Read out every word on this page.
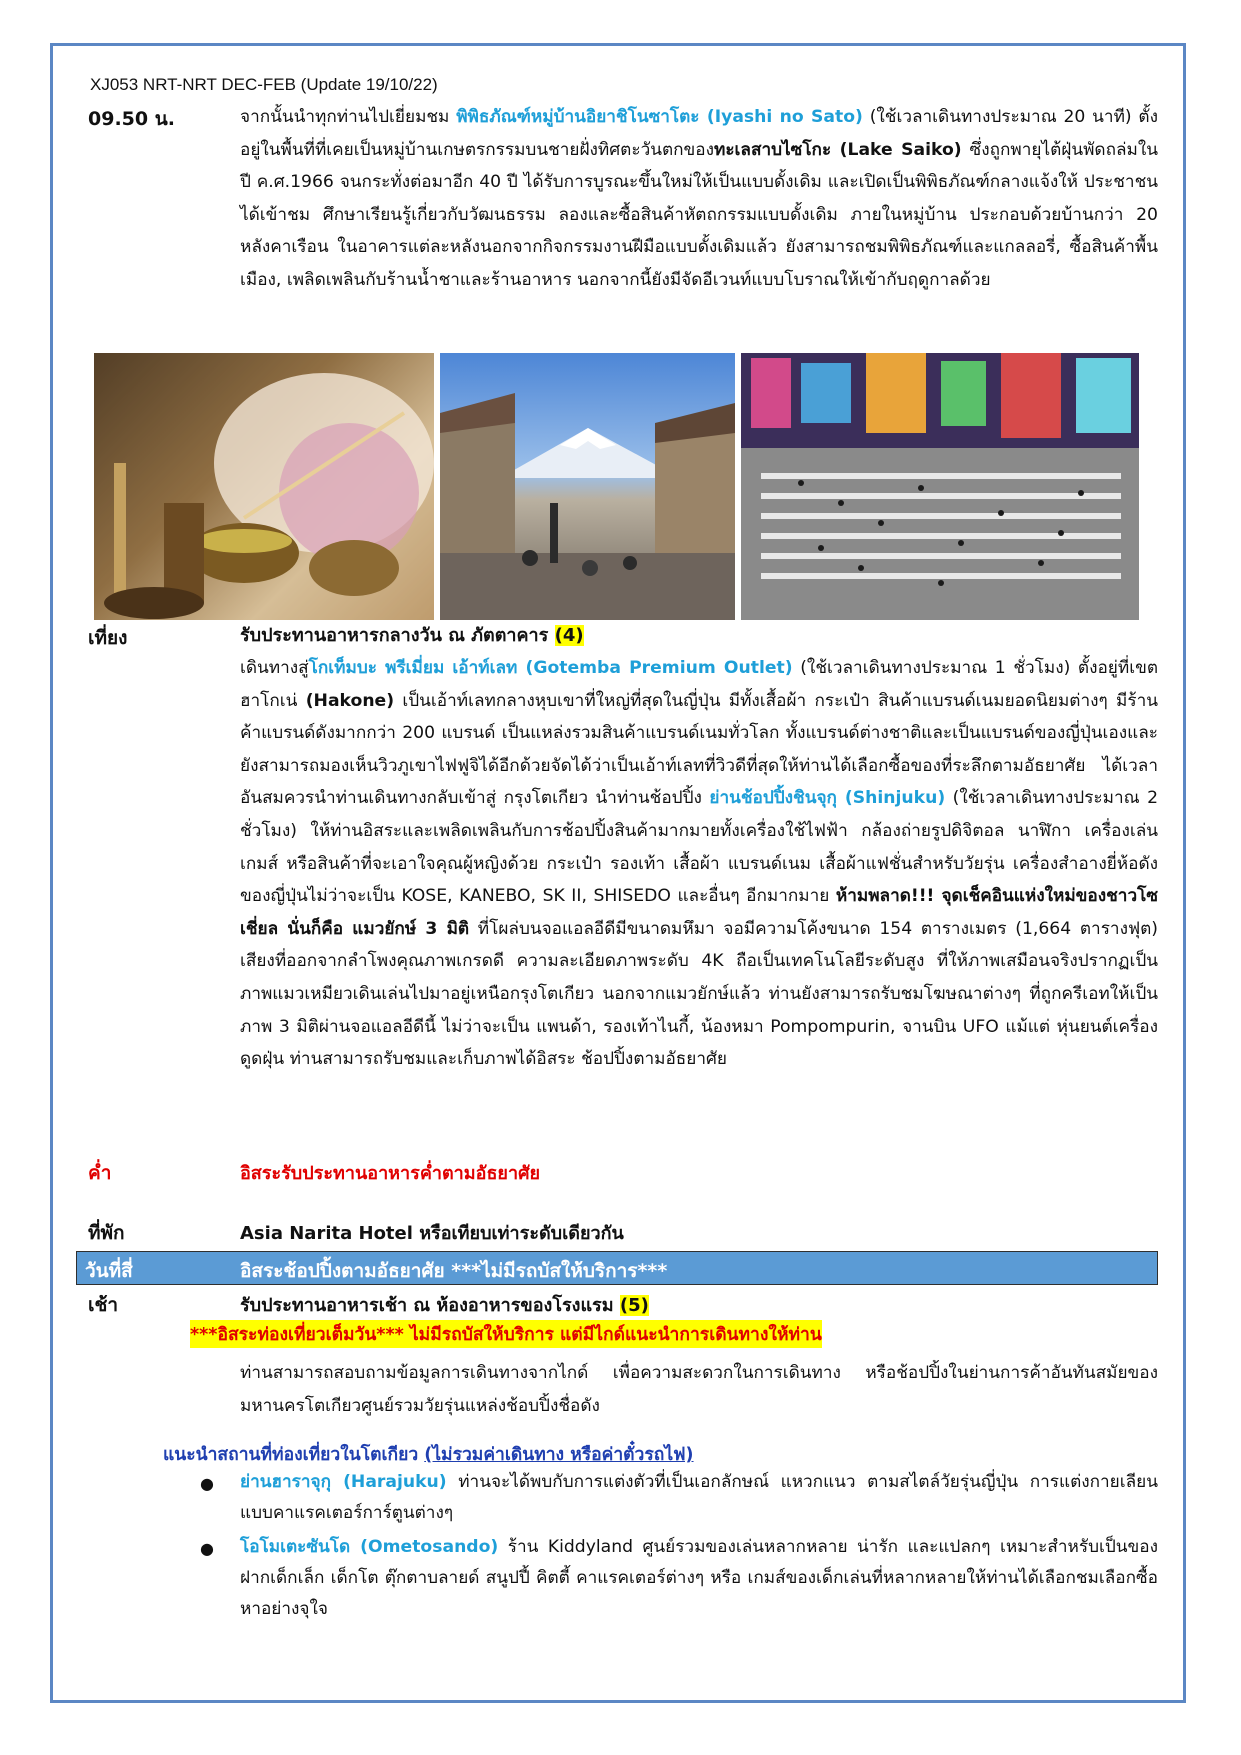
XJ053 NRT-NRT DEC-FEB (Update 19/10/22)
09.50 น.	จากนั้นนำทุกท่านไปเยี่ยมชม พิพิธภัณฑ์หมู่บ้านอิยาชิโนซาโตะ (Iyashi no Sato) (ใช้เวลาเดินทางประมาณ 20 นาที) ตั้งอยู่ในพื้นที่ที่เคยเป็นหมู่บ้านเกษตรกรรมบนชายฝั่งทิศตะวันตกของทะเลสาบไซโกะ (Lake Saiko) ซึ่งถูกพายุไต้ฝุ่นพัดถล่มในปี ค.ศ.1966 จนกระทั่งต่อมาอีก 40 ปี ได้รับการบูรณะขึ้นใหม่ให้เป็นแบบดั้งเดิม และเปิดเป็นพิพิธภัณฑ์กลางแจ้งให้ ประชาชนได้เข้าชม ศึกษาเรียนรู้เกี่ยวกับวัฒนธรรม ลองและซื้อสินค้าหัตถกรรมแบบดั้งเดิม ภายในหมู่บ้าน ประกอบด้วยบ้านกว่า 20 หลังคาเรือน ในอาคารแต่ละหลังนอกจากกิจกรรมงานฝีมือแบบดั้งเดิมแล้ว ยังสามารถชมพิพิธภัณฑ์และแกลลอรี่, ซื้อสินค้าพื้นเมือง, เพลิดเพลินกับร้านน้ำชาและร้านอาหาร นอกจากนี้ยังมีจัดอีเวนท์แบบโบราณให้เข้ากับฤดูกาลด้วย
เที่ยง	รับประทานอาหารกลางวัน ณ ภัตตาคาร (4)
เดินทางสู่โกเท็มบะ พรีเมี่ยม เอ้าท์เลท (Gotemba Premium Outlet) (ใช้เวลาเดินทางประมาณ 1 ชั่วโมง) ตั้งอยู่ที่เขตฮาโกเน่ (Hakone) เป็นเอ้าท์เลทกลางหุบเขาที่ใหญ่ที่สุดในญี่ปุ่น มีทั้งเสื้อผ้า กระเป๋า สินค้าแบรนด์เนมยอดนิยมต่างๆ มีร้านค้าแบรนด์ดังมากกว่า 200 แบรนด์ เป็นแหล่งรวมสินค้าแบรนด์เนมทั่วโลก ทั้งแบรนด์ต่างชาติและเป็นแบรนด์ของญี่ปุ่นเองและยังสามารถมองเห็นวิวภูเขาไฟฟูจิได้อีกด้วยจัดได้ว่าเป็นเอ้าท์เลทที่วิวดีที่สุดให้ท่านได้เลือกซื้อของที่ระลึกตามอัธยาศัย ได้เวลาอันสมควรนำท่านเดินทางกลับเข้าสู่ กรุงโตเกียว นำท่านช้อปปิ้ง ย่านช้อปปิ้งชินจุกุ (Shinjuku) (ใช้เวลาเดินทางประมาณ 2 ชั่วโมง) ให้ท่านอิสระและเพลิดเพลินกับการช้อปปิ้งสินค้ามากมายทั้งเครื่องใช้ไฟฟ้า กล้องถ่ายรูปดิจิตอล นาฬิกา เครื่องเล่นเกมส์ หรือสินค้าที่จะเอาใจคุณผู้หญิงด้วย กระเป๋า รองเท้า เสื้อผ้า แบรนด์เนม เสื้อผ้าแฟชั่นสำหรับวัยรุ่น เครื่องสำอางยี่ห้อดังของญี่ปุ่นไม่ว่าจะเป็น KOSE, KANEBO, SK II, SHISEDO และอื่นๆ อีกมากมาย ห้ามพลาด!!! จุดเช็คอินแห่งใหม่ของชาวโซเชี่ยล นั่นก็คือ แมวยักษ์ 3 มิติ ที่โผล่บนจอแอลอีดีมีขนาดมหึมา จอมีความโค้งขนาด 154 ตารางเมตร (1,664 ตารางฟุต) เสียงที่ออกจากลำโพงคุณภาพเกรดดี ความละเอียดภาพระดับ 4K ถือเป็นเทคโนโลยีระดับสูง ที่ให้ภาพเสมือนจริงปรากฏเป็นภาพแมวเหมียวเดินเล่นไปมาอยู่เหนือกรุงโตเกียว นอกจากแมวยักษ์แล้ว ท่านยังสามารถรับชมโฆษณาต่างๆ ที่ถูกครีเอทให้เป็นภาพ 3 มิติผ่านจอแอลอีดีนี้ ไม่ว่าจะเป็น แพนด้า, รองเท้าไนกี้, น้องหมา Pompompurin, จานบิน UFO แม้แต่ หุ่นยนต์เครื่องดูดฝุ่น ท่านสามารถรับชมและเก็บภาพได้อิสระ ช้อปปิ้งตามอัธยาศัย
ค่ำ	อิสระรับประทานอาหารค่ำตามอัธยาศัย
ที่พัก	Asia Narita Hotel หรือเทียบเท่าระดับเดียวกัน
วันที่สี่	อิสระช้อปปิ้งตามอัธยาศัย ***ไม่มีรถบัสให้บริการ***
เช้า	รับประทานอาหารเช้า ณ ห้องอาหารของโรงแรม (5)
***อิสระท่องเที่ยวเต็มวัน*** ไม่มีรถบัสให้บริการ แต่มีไกด์แนะนำการเดินทางให้ท่าน
ท่านสามารถสอบถามข้อมูลการเดินทางจากไกด์ เพื่อความสะดวกในการเดินทาง หรือช้อปปิ้งในย่านการค้าอันทันสมัยของมหานครโตเกียวศูนย์รวมวัยรุ่นแหล่งช้อบปิ้งชื่อดัง
แนะนำสถานที่ท่องเที่ยวในโตเกียว (ไม่รวมค่าเดินทาง หรือค่าตั๋วรถไฟ)
● ย่านฮาราจุกุ (Harajuku) ท่านจะได้พบกับการแต่งตัวที่เป็นเอกลักษณ์ แหวกแนว ตามสไตล์วัยรุ่นญี่ปุ่น การแต่งกายเลียนแบบคาแรคเตอร์การ์ตูนต่างๆ
● โอโมเตะซันโด (Ometosando) ร้าน Kiddyland ศูนย์รวมของเล่นหลากหลาย น่ารัก และแปลกๆ เหมาะสำหรับเป็นของฝากเด็กเล็ก เด็กโต ตุ๊กตาบลายด์ สนูปปี้ คิตตี้ คาแรคเตอร์ต่างๆ หรือ เกมส์ของเด็กเล่นที่หลากหลายให้ท่านได้เลือกชมเลือกซื้อหาอย่างจุใจ
